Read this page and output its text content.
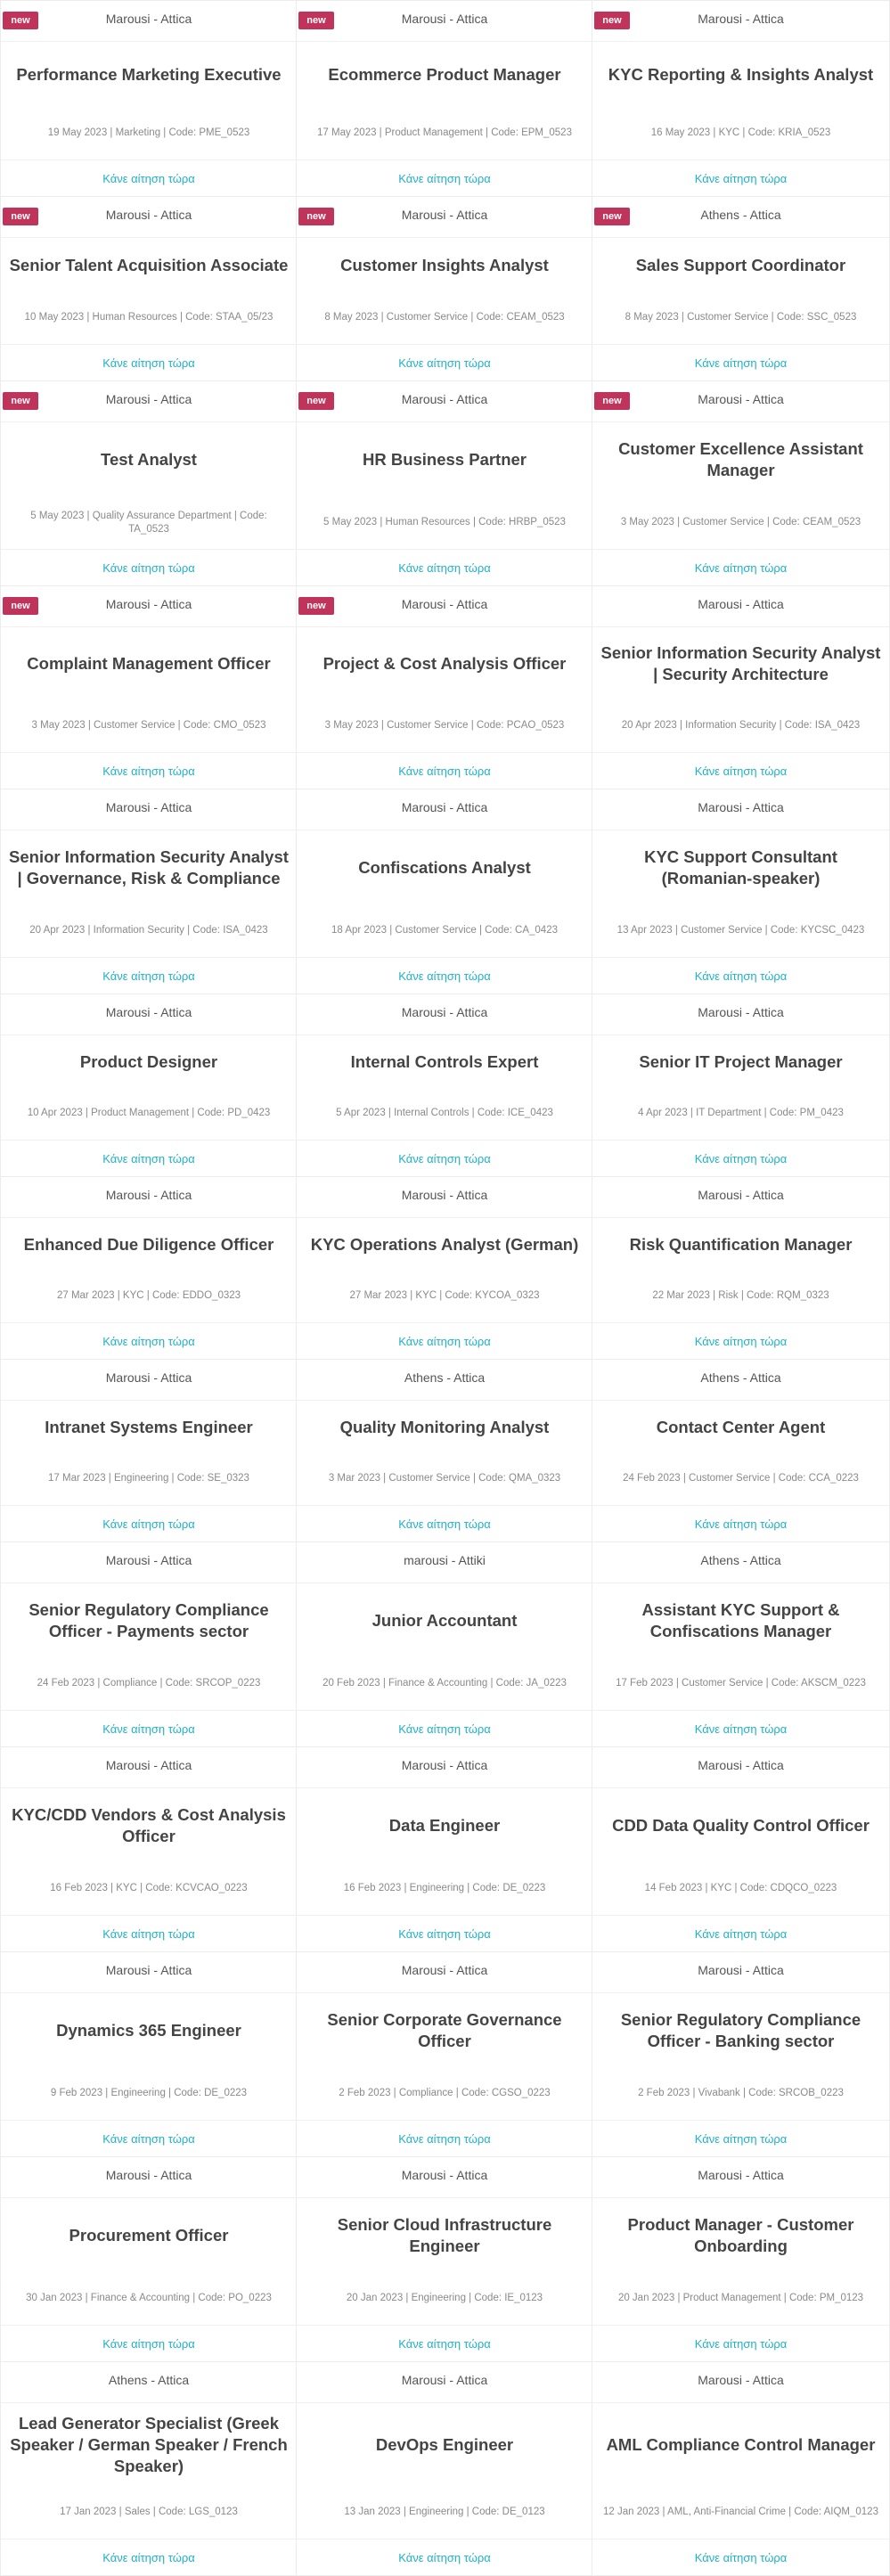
new	Marousi - Attica
Performance Marketing Executive
19 May 2023 | Marketing | Code: PME_0523
Κάνε αίτηση τώρα
new	Marousi - Attica
Ecommerce Product Manager
17 May 2023 | Product Management | Code: EPM_0523
Κάνε αίτηση τώρα
new	Marousi - Attica
KYC Reporting & Insights Analyst
16 May 2023 | KYC | Code: KRIA_0523
Κάνε αίτηση τώρα
new	Marousi - Attica
Senior Talent Acquisition Associate
10 May 2023 | Human Resources | Code: STAA_05/23
Κάνε αίτηση τώρα
new	Marousi - Attica
Customer Insights Analyst
8 May 2023 | Customer Service | Code: CEAM_0523
Κάνε αίτηση τώρα
new	Athens - Attica
Sales Support Coordinator
8 May 2023 | Customer Service | Code: SSC_0523
Κάνε αίτηση τώρα
new	Marousi - Attica
Test Analyst
5 May 2023 | Quality Assurance Department | Code: TA_0523
Κάνε αίτηση τώρα
new	Marousi - Attica
HR Business Partner
5 May 2023 | Human Resources | Code: HRBP_0523
Κάνε αίτηση τώρα
new	Marousi - Attica
Customer Excellence Assistant Manager
3 May 2023 | Customer Service | Code: CEAM_0523
Κάνε αίτηση τώρα
new	Marousi - Attica
Complaint Management Officer
3 May 2023 | Customer Service | Code: CMO_0523
Κάνε αίτηση τώρα
new	Marousi - Attica
Project & Cost Analysis Officer
3 May 2023 | Customer Service | Code: PCAO_0523
Κάνε αίτηση τώρα
Marousi - Attica
Senior Information Security Analyst | Security Architecture
20 Apr 2023 | Information Security | Code: ISA_0423
Κάνε αίτηση τώρα
Marousi - Attica
Senior Information Security Analyst | Governance, Risk & Compliance
20 Apr 2023 | Information Security | Code: ISA_0423
Κάνε αίτηση τώρα
Marousi - Attica
Confiscations Analyst
18 Apr 2023 | Customer Service | Code: CA_0423
Κάνε αίτηση τώρα
Marousi - Attica
KYC Support Consultant (Romanian-speaker)
13 Apr 2023 | Customer Service | Code: KYCSC_0423
Κάνε αίτηση τώρα
Marousi - Attica
Product Designer
10 Apr 2023 | Product Management | Code: PD_0423
Κάνε αίτηση τώρα
Marousi - Attica
Internal Controls Expert
5 Apr 2023 | Internal Controls | Code: ICE_0423
Κάνε αίτηση τώρα
Marousi - Attica
Senior IT Project Manager
4 Apr 2023 | IT Department | Code: PM_0423
Κάνε αίτηση τώρα
Marousi - Attica
Enhanced Due Diligence Officer
27 Mar 2023 | KYC | Code: EDDO_0323
Κάνε αίτηση τώρα
Marousi - Attica
KYC Operations Analyst (German)
27 Mar 2023 | KYC | Code: KYCOA_0323
Κάνε αίτηση τώρα
Marousi - Attica
Risk Quantification Manager
22 Mar 2023 | Risk | Code: RQM_0323
Κάνε αίτηση τώρα
Marousi - Attica
Intranet Systems Engineer
17 Mar 2023 | Engineering | Code: SE_0323
Κάνε αίτηση τώρα
Athens - Attica
Quality Monitoring Analyst
3 Mar 2023 | Customer Service | Code: QMA_0323
Κάνε αίτηση τώρα
Athens - Attica
Contact Center Agent
24 Feb 2023 | Customer Service | Code: CCA_0223
Κάνε αίτηση τώρα
Marousi - Attica
Senior Regulatory Compliance Officer - Payments sector
24 Feb 2023 | Compliance | Code: SRCOP_0223
Κάνε αίτηση τώρα
marousi - Attiki
Junior Accountant
20 Feb 2023 | Finance & Accounting | Code: JA_0223
Κάνε αίτηση τώρα
Athens - Attica
Assistant KYC Support & Confiscations Manager
17 Feb 2023 | Customer Service | Code: AKSCM_0223
Κάνε αίτηση τώρα
Marousi - Attica
KYC/CDD Vendors & Cost Analysis Officer
16 Feb 2023 | KYC | Code: KCVCAO_0223
Κάνε αίτηση τώρα
Marousi - Attica
Data Engineer
16 Feb 2023 | Engineering | Code: DE_0223
Κάνε αίτηση τώρα
Marousi - Attica
CDD Data Quality Control Officer
14 Feb 2023 | KYC | Code: CDQCO_0223
Κάνε αίτηση τώρα
Marousi - Attica
Dynamics 365 Engineer
9 Feb 2023 | Engineering | Code: DE_0223
Κάνε αίτηση τώρα
Marousi - Attica
Senior Corporate Governance Officer
2 Feb 2023 | Compliance | Code: CGSO_0223
Κάνε αίτηση τώρα
Marousi - Attica
Senior Regulatory Compliance Officer - Banking sector
2 Feb 2023 | Vivabank | Code: SRCOB_0223
Κάνε αίτηση τώρα
Marousi - Attica
Procurement Officer
30 Jan 2023 | Finance & Accounting | Code: PO_0223
Κάνε αίτηση τώρα
Marousi - Attica
Senior Cloud Infrastructure Engineer
20 Jan 2023 | Engineering | Code: IE_0123
Κάνε αίτηση τώρα
Marousi - Attica
Product Manager - Customer Onboarding
20 Jan 2023 | Product Management | Code: PM_0123
Κάνε αίτηση τώρα
Athens - Attica
Lead Generator Specialist (Greek Speaker / German Speaker / French Speaker)
17 Jan 2023 | Sales | Code: LGS_0123
Κάνε αίτηση τώρα
Marousi - Attica
DevOps Engineer
13 Jan 2023 | Engineering | Code: DE_0123
Κάνε αίτηση τώρα
Marousi - Attica
AML Compliance Control Manager
12 Jan 2023 | AML, Anti-Financial Crime | Code: AIQM_0123
Κάνε αίτηση τώρα
